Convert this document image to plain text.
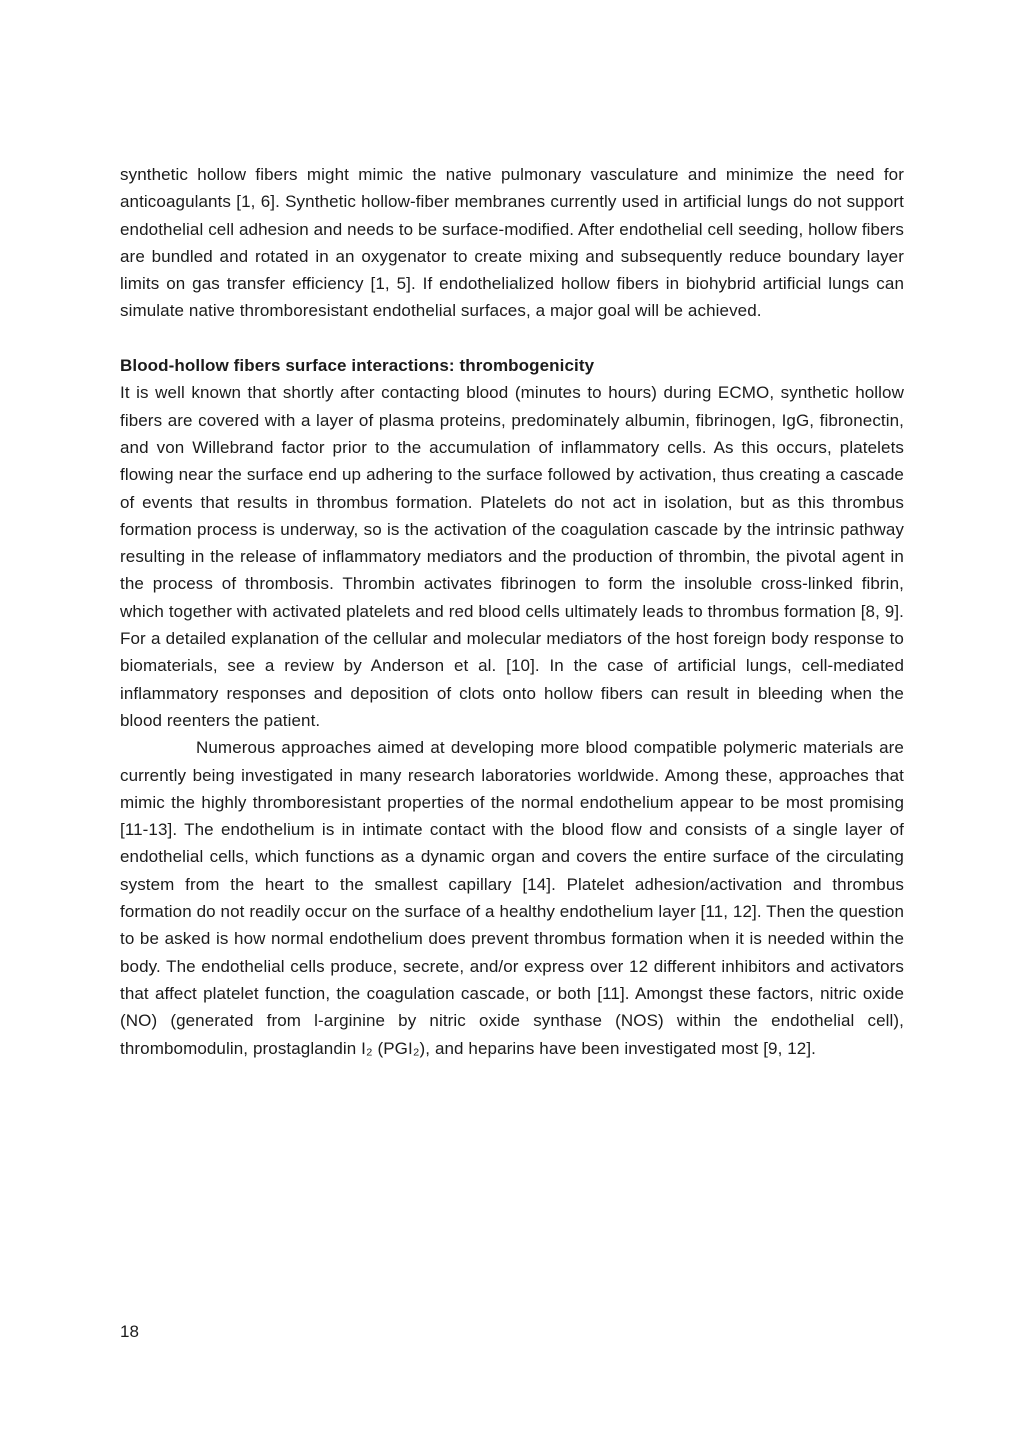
synthetic hollow fibers might mimic the native pulmonary vasculature and minimize the need for anticoagulants [1, 6]. Synthetic hollow-fiber membranes currently used in artificial lungs do not support endothelial cell adhesion and needs to be surface-modified. After endothelial cell seeding, hollow fibers are bundled and rotated in an oxygenator to create mixing and subsequently reduce boundary layer limits on gas transfer efficiency [1, 5]. If endothelialized hollow fibers in biohybrid artificial lungs can simulate native thromboresistant endothelial surfaces, a major goal will be achieved.

Blood-hollow fibers surface interactions: thrombogenicity

It is well known that shortly after contacting blood (minutes to hours) during ECMO, synthetic hollow fibers are covered with a layer of plasma proteins, predominately albumin, fibrinogen, IgG, fibronectin, and von Willebrand factor prior to the accumulation of inflammatory cells. As this occurs, platelets flowing near the surface end up adhering to the surface followed by activation, thus creating a cascade of events that results in thrombus formation. Platelets do not act in isolation, but as this thrombus formation process is underway, so is the activation of the coagulation cascade by the intrinsic pathway resulting in the release of inflammatory mediators and the production of thrombin, the pivotal agent in the process of thrombosis. Thrombin activates fibrinogen to form the insoluble cross-linked fibrin, which together with activated platelets and red blood cells ultimately leads to thrombus formation [8, 9]. For a detailed explanation of the cellular and molecular mediators of the host foreign body response to biomaterials, see a review by Anderson et al. [10]. In the case of artificial lungs, cell-mediated inflammatory responses and deposition of clots onto hollow fibers can result in bleeding when the blood reenters the patient.

Numerous approaches aimed at developing more blood compatible polymeric materials are currently being investigated in many research laboratories worldwide. Among these, approaches that mimic the highly thromboresistant properties of the normal endothelium appear to be most promising [11-13]. The endothelium is in intimate contact with the blood flow and consists of a single layer of endothelial cells, which functions as a dynamic organ and covers the entire surface of the circulating system from the heart to the smallest capillary [14]. Platelet adhesion/activation and thrombus formation do not readily occur on the surface of a healthy endothelium layer [11, 12]. Then the question to be asked is how normal endothelium does prevent thrombus formation when it is needed within the body. The endothelial cells produce, secrete, and/or express over 12 different inhibitors and activators that affect platelet function, the coagulation cascade, or both [11]. Amongst these factors, nitric oxide (NO) (generated from l-arginine by nitric oxide synthase (NOS) within the endothelial cell), thrombomodulin, prostaglandin I₂ (PGI₂), and heparins have been investigated most [9, 12].

18
